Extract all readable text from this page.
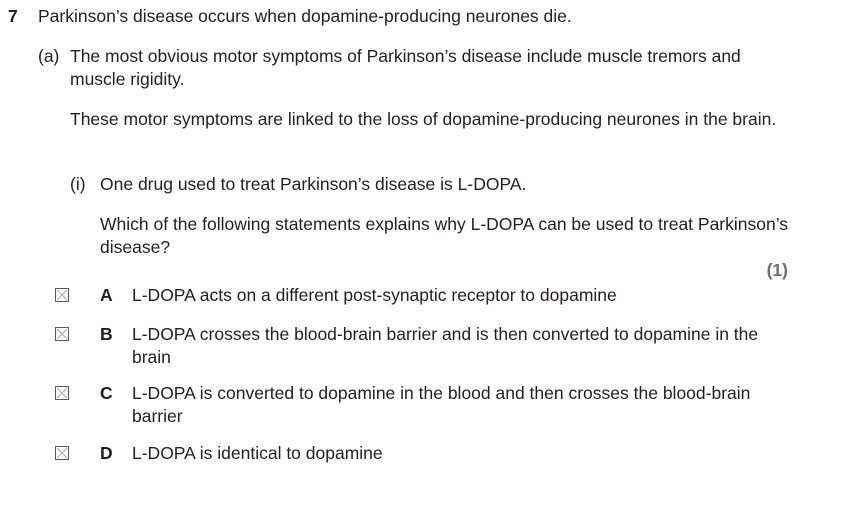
7 Parkinson’s disease occurs when dopamine-producing neurones die.
(a) The most obvious motor symptoms of Parkinson’s disease include muscle tremors and muscle rigidity.
These motor symptoms are linked to the loss of dopamine-producing neurones in the brain.
(i) One drug used to treat Parkinson’s disease is L-DOPA.
Which of the following statements explains why L-DOPA can be used to treat Parkinson’s disease?
(1)
A L-DOPA acts on a different post-synaptic receptor to dopamine
B L-DOPA crosses the blood-brain barrier and is then converted to dopamine in the brain
C L-DOPA is converted to dopamine in the blood and then crosses the blood-brain barrier
D L-DOPA is identical to dopamine
